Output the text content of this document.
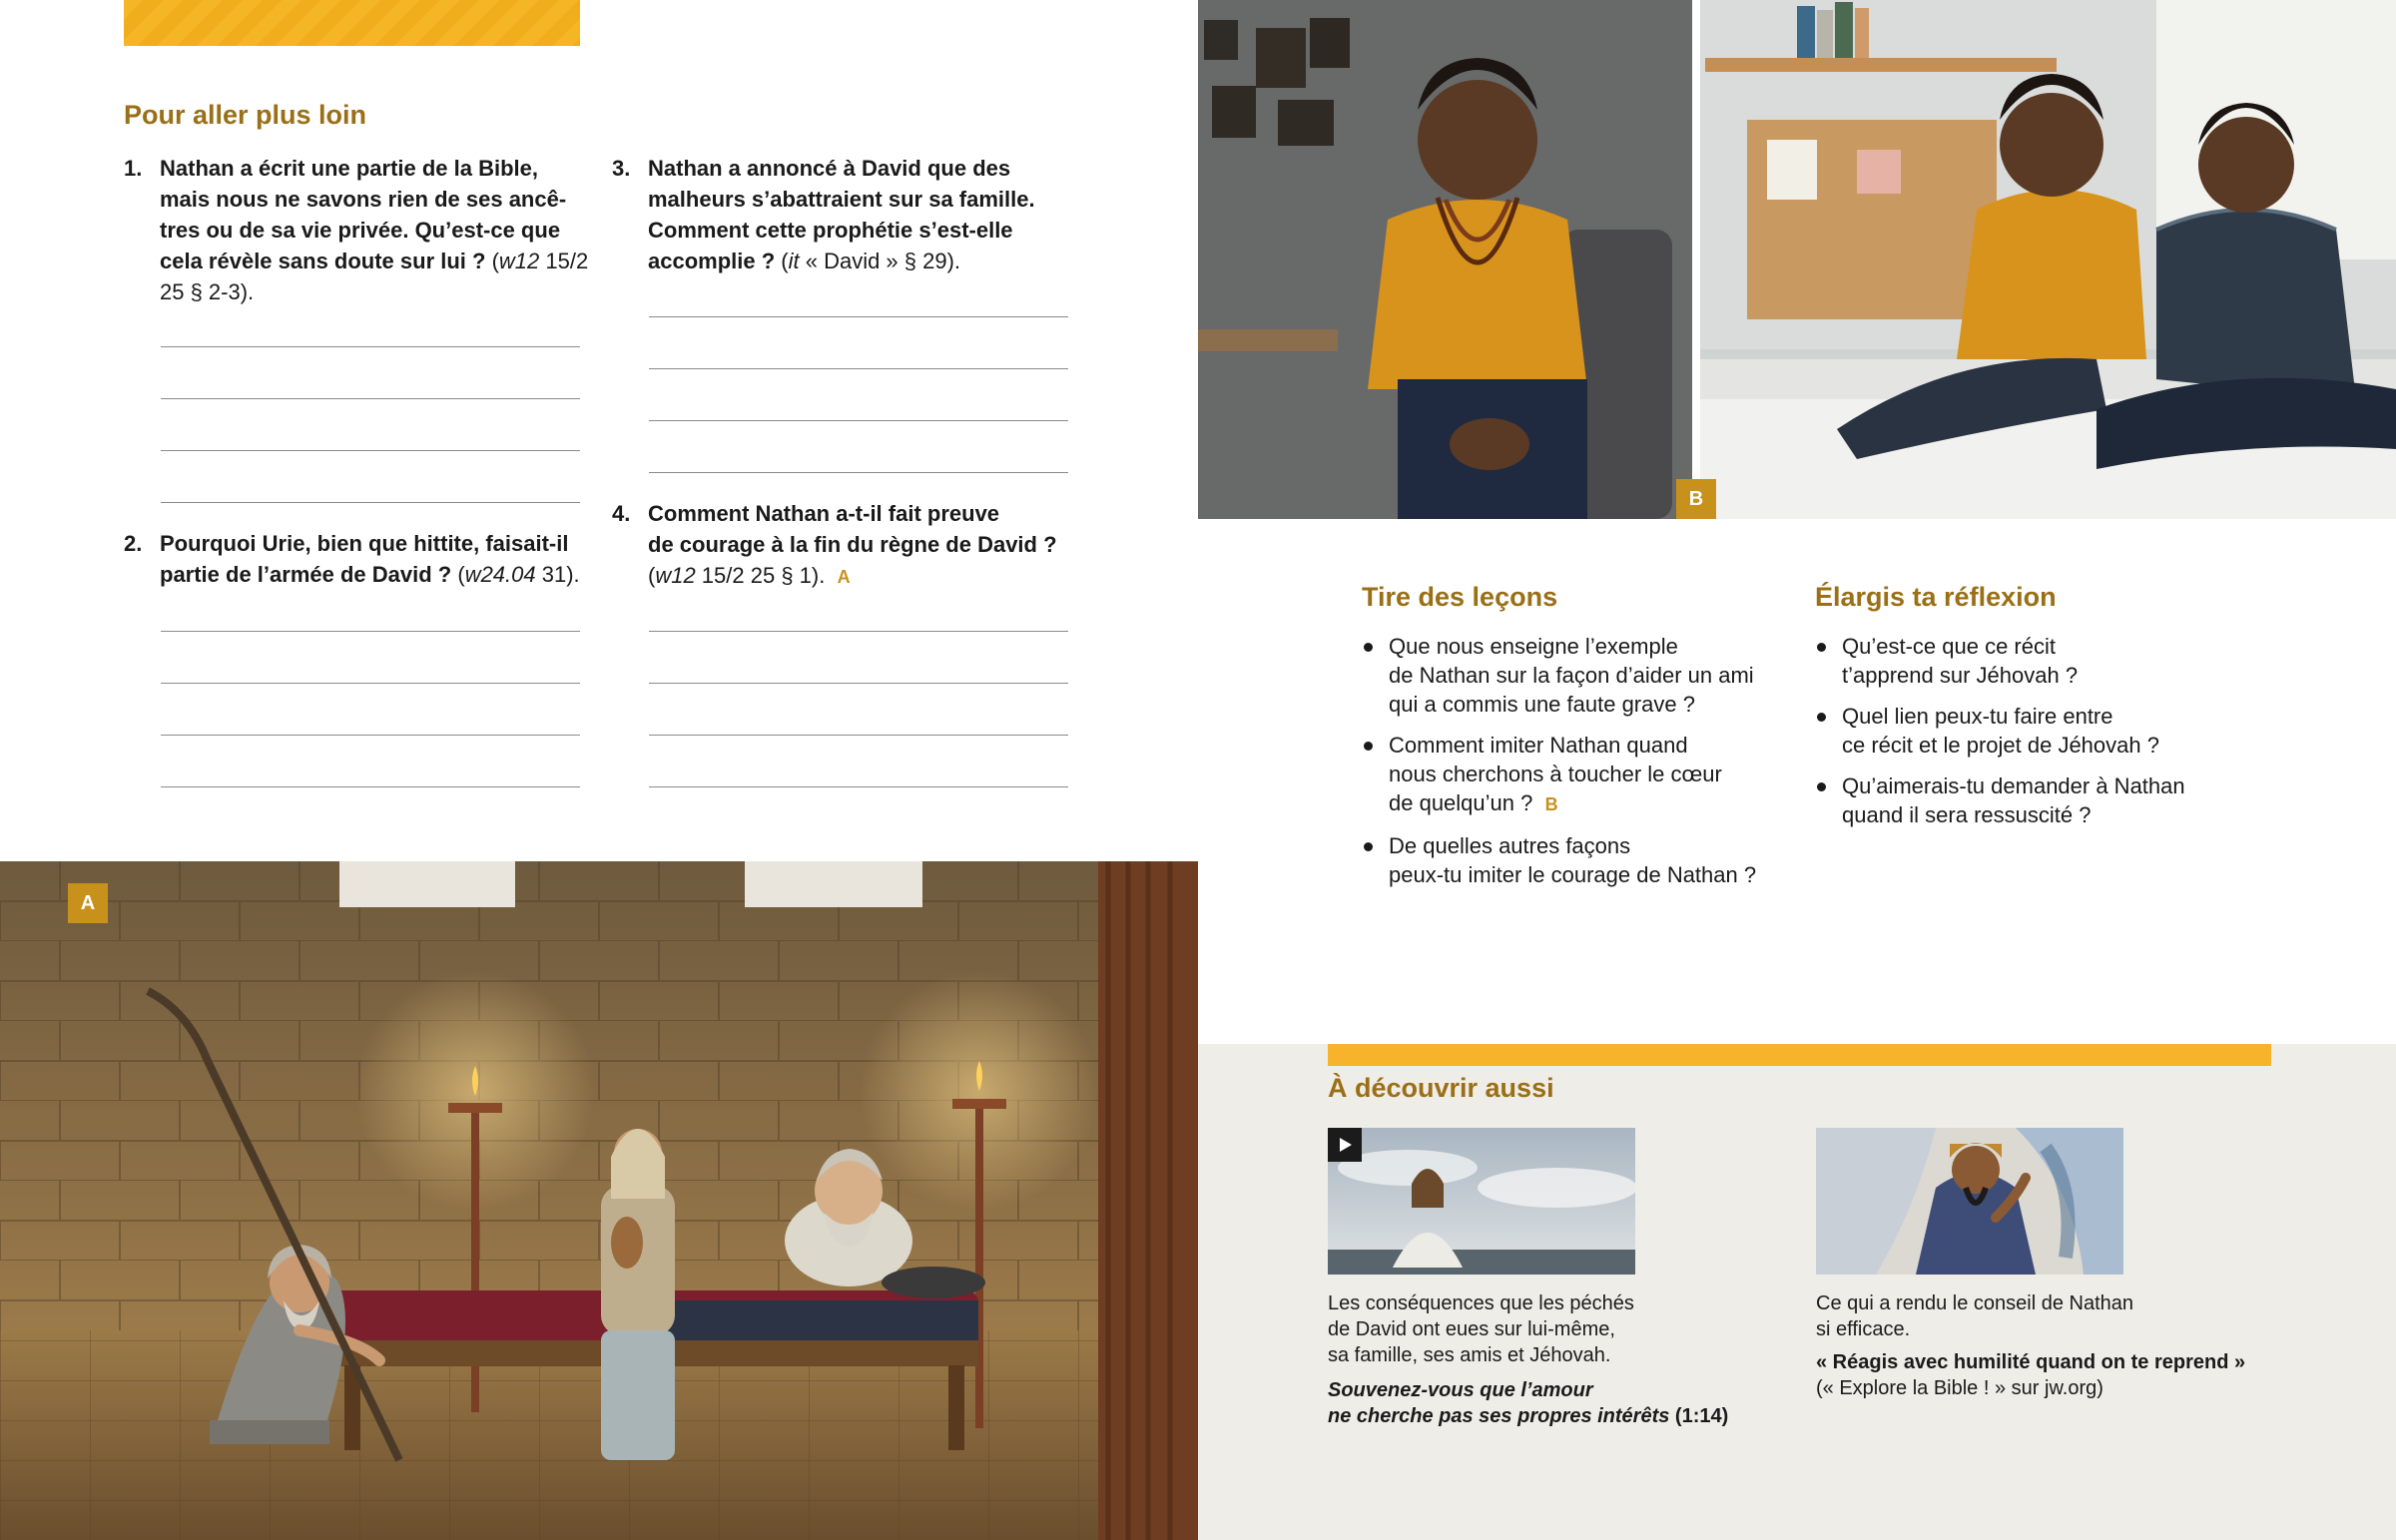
Pour aller plus loin
1. Nathan a écrit une partie de la Bible,
mais nous ne savons rien de ses ancê-
tres ou de sa vie privée. Qu’est-ce que
cela révèle sans doute sur lui ? (w12 15/2
25 § 2-3).
2. Pourquoi Urie, bien que hittite, faisait-il
partie de l’armée de David ? (w24.04 31).
3. Nathan a annoncé à David que des
malheurs s’abattraient sur sa famille.
Comment cette prophétie s’est-elle
accomplie ? (it « David » § 29).
4. Comment Nathan a-t-il fait preuve
de courage à la fin du règne de David ?
(w12 15/2 25 § 1). A
A
B
Tire des leçons
Que nous enseigne l’exemple
de Nathan sur la façon d’aider un ami
qui a commis une faute grave ?
Comment imiter Nathan quand
nous cherchons à toucher le cœur
de quelqu’un ? B
De quelles autres façons
peux-tu imiter le courage de Nathan ?
Élargis ta réflexion
Qu’est-ce que ce récit
t’apprend sur Jéhovah ?
Quel lien peux-tu faire entre
ce récit et le projet de Jéhovah ?
Qu’aimerais-tu demander à Nathan
quand il sera ressuscité ?
À découvrir aussi
Les conséquences que les péchés
de David ont eues sur lui-même,
sa famille, ses amis et Jéhovah.
Souvenez-vous que l’amour
ne cherche pas ses propres intérêts (1:14)
Ce qui a rendu le conseil de Nathan
si efficace.
« Réagis avec humilité quand on te reprend »
(« Explore la Bible ! » sur jw.org)
